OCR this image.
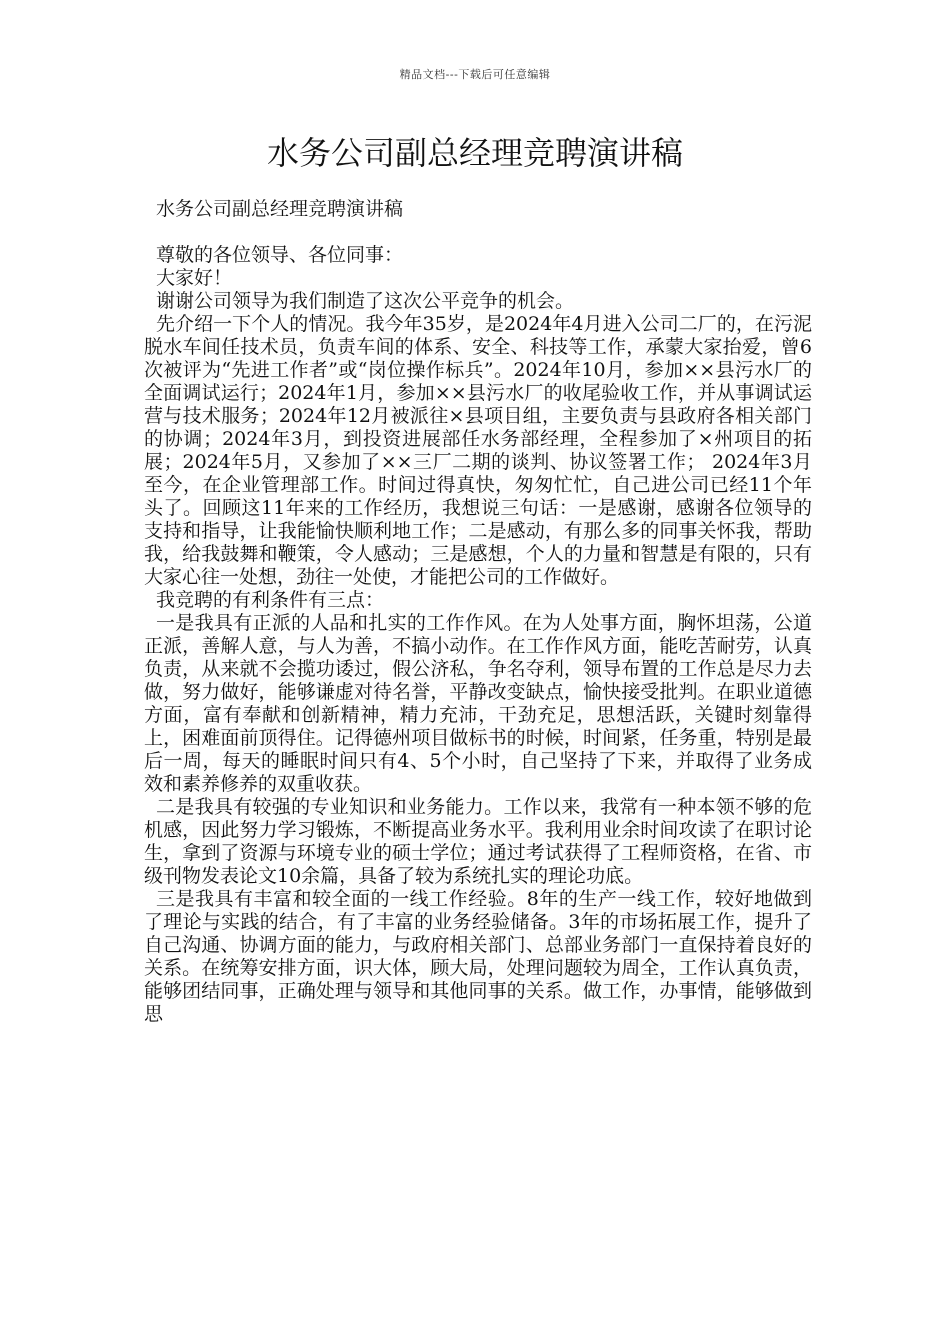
精品文档---下载后可任意编辑
水务公司副总经理竞聘演讲稿

水务公司副总经理竞聘演讲稿

尊敬的各位领导、各位同事：

大家好！

谢谢公司领导为我们制造了这次公平竞争的机会。

先介绍一下个人的情况。我今年35岁，是2024年4月进入公司二厂的，在污泥脱水车间任技术员，负责车间的体系、安全、科技等工作，承蒙大家抬爱，曾6次被评为“先进工作者”或“岗位操作标兵”。2024年10月，参加××县污水厂的全面调试运行；2024年1月，参加××县污水厂的收尾验收工作，并从事调试运营与技术服务；2024年12月被派往×县项目组，主要负责与县政府各相关部门的协调；2024年3月，到投资进展部任水务部经理，全程参加了×州项目的拓展；2024年5月，又参加了××三厂二期的谈判、协议签署工作； 2024年3月至今，在企业管理部工作。时间过得真快，匆匆忙忙，自己进公司已经11个年头了。回顾这11年来的工作经历，我想说三句话：一是感谢，感谢各位领导的支持和指导，让我能愉快顺利地工作；二是感动，有那么多的同事关怀我，帮助我，给我鼓舞和鞭策，令人感动；三是感想，个人的力量和智慧是有限的，只有大家心往一处想，劲往一处使，才能把公司的工作做好。

我竞聘的有利条件有三点：

一是我具有正派的人品和扎实的工作作风。在为人处事方面，胸怀坦荡，公道正派，善解人意，与人为善，不搞小动作。在工作作风方面，能吃苦耐劳，认真负责，从来就不会揽功诿过，假公济私，争名夺利，领导布置的工作总是尽力去做，努力做好，能够谦虚对待名誉，平静改变缺点，愉快接受批判。在职业道德方面，富有奉献和创新精神，精力充沛，干劲充足，思想活跃，关键时刻靠得上，困难面前顶得住。记得德州项目做标书的时候，时间紧，任务重，特别是最后一周，每天的睡眠时间只有4、5个小时，自己坚持了下来，并取得了业务成效和素养修养的双重收获。

二是我具有较强的专业知识和业务能力。工作以来，我常有一种本领不够的危机感，因此努力学习锻炼，不断提高业务水平。我利用业余时间攻读了在职讨论生，拿到了资源与环境专业的硕士学位；通过考试获得了工程师资格，在省、市级刊物发表论文10余篇，具备了较为系统扎实的理论功底。

三是我具有丰富和较全面的一线工作经验。8年的生产一线工作，较好地做到了理论与实践的结合，有了丰富的业务经验储备。3年的市场拓展工作，提升了自己沟通、协调方面的能力，与政府相关部门、总部业务部门一直保持着良好的关系。在统筹安排方面，识大体，顾大局，处理问题较为周全，工作认真负责，能够团结同事，正确处理与领导和其他同事的关系。做工作，办事情，能够做到思
